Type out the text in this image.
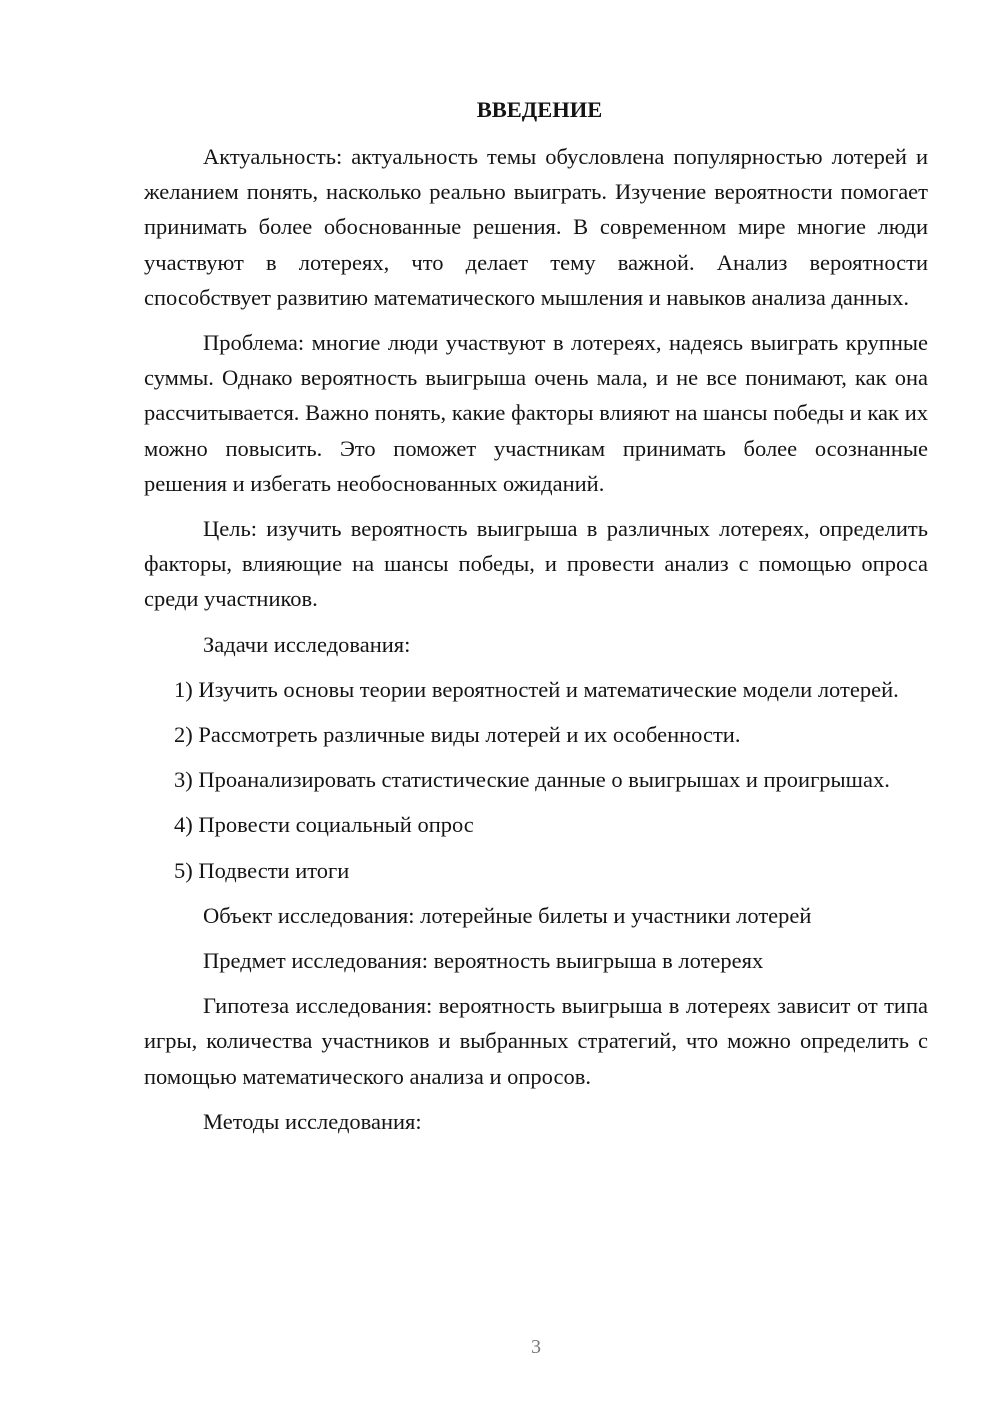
ВВЕДЕНИЕ

Актуальность: актуальность темы обусловлена популярностью лотерей и желанием понять, насколько реально выиграть. Изучение вероятности помогает принимать более обоснованные решения. В современном мире многие люди участвуют в лотереях, что делает тему важной. Анализ вероятности способствует развитию математического мышления и навыков анализа данных.

Проблема: многие люди участвуют в лотереях, надеясь выиграть крупные суммы. Однако вероятность выигрыша очень мала, и не все понимают, как она рассчитывается. Важно понять, какие факторы влияют на шансы победы и как их можно повысить. Это поможет участникам принимать более осознанные решения и избегать необоснованных ожиданий.

Цель: изучить вероятность выигрыша в различных лотереях, определить факторы, влияющие на шансы победы, и провести анализ с помощью опроса среди участников.

Задачи исследования:

1) Изучить основы теории вероятностей и математические модели лотерей.

2) Рассмотреть различные виды лотерей и их особенности.

3) Проанализировать статистические данные о выигрышах и проигрышах.

4) Провести социальный опрос

5) Подвести итоги

Объект исследования: лотерейные билеты и участники лотерей

Предмет исследования: вероятность выигрыша в лотереях

Гипотеза исследования: вероятность выигрыша в лотереях зависит от типа игры, количества участников и выбранных стратегий, что можно определить с помощью математического анализа и опросов.

Методы исследования:

3
